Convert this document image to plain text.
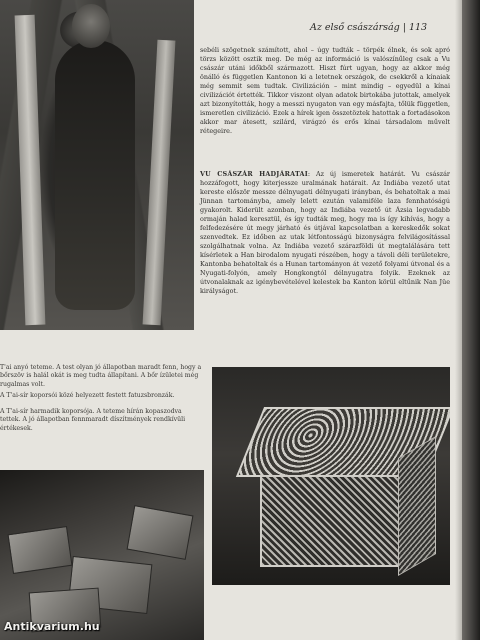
T'ai anyó teteme. A test olyan jó állapotban maradt fenn, hogy a bőrszöv is halál okát is meg tudta állapítani. A bőr ízületei még rugalmas volt.
A T'ai-sír koporsói közé helyezett festett fatuzsbronzák.
A T'ai-sír harmadik koporsója. A teteme hírán kopaszodva tettek. A jó állapotban fennmaradt díszítmények rendkívüli értékesek.
Az első császárság | 113
sebéli szögetnek számított, ahol – úgy tudták – törpék élnek, és sok apró törzs között osztik meg. De még az információ is valószínűleg csak a Vu császár utáni időkből származott. Hiszt fúrt ugyan, hogy az akkor még önálló és független Kantonon ki a letetnek országok, de csekkről a kínaiak még semmit sem tudtak. Civilizáción – mint mindig – egyedül a kínai civilizációt értették. Tikkor viszont olyan adatok birtokába jutottak, amelyek azt bizonyították, hogy a messzi nyugaton van egy másfajta, tőlük független, ismeretlen civilizáció. Ezek a hírek igen összetöztek hatottak a fortadásokon akkor mar átesett, szilárd, virágzó és erős kínai társadalom művelt rétegeire.
VU CSÁSZÁR HADJÁRATAI: Az új ismeretek határát. Vu császár hozzáfogott, hogy kiterjessze uralmának határait. Az Indiába vezető utat kereste először messze délnyugati délnyugati irányban, és behatoltak a mai Jünnan tartományba, amely lelett ezután valamiféle laza fennhatóságú gyakorolt. Kiderült azonban, hogy az Indiába vezető út Ázsia legvadabb ormaján halad keresztül, és így tudták meg, hogy ma is így kihívás, hogy a felfedezésére út megy járható és útjával kapcsolatban a kereskedők sokat szenvedtek. Ez időben az utak létfontosságú bizonyságra felvilágosítással szolgálhatnak volna. Az Indiába vezető szárazföldi út megtalálására tett kísérletek a Han birodalom nyugati részében, hogy a távoli déli területekre, Kantonba behatoltak és a Hunan tartományon át vezető folyami útvonal és a Nyugati-folyón, amely Hongkongtól délnyugatra folyik. Ezeknek az útvonalaknak az igénybevételével kelestek ba Kanton körül eltűnik Nan Jüe királyságot.
Antikvarium.hu
